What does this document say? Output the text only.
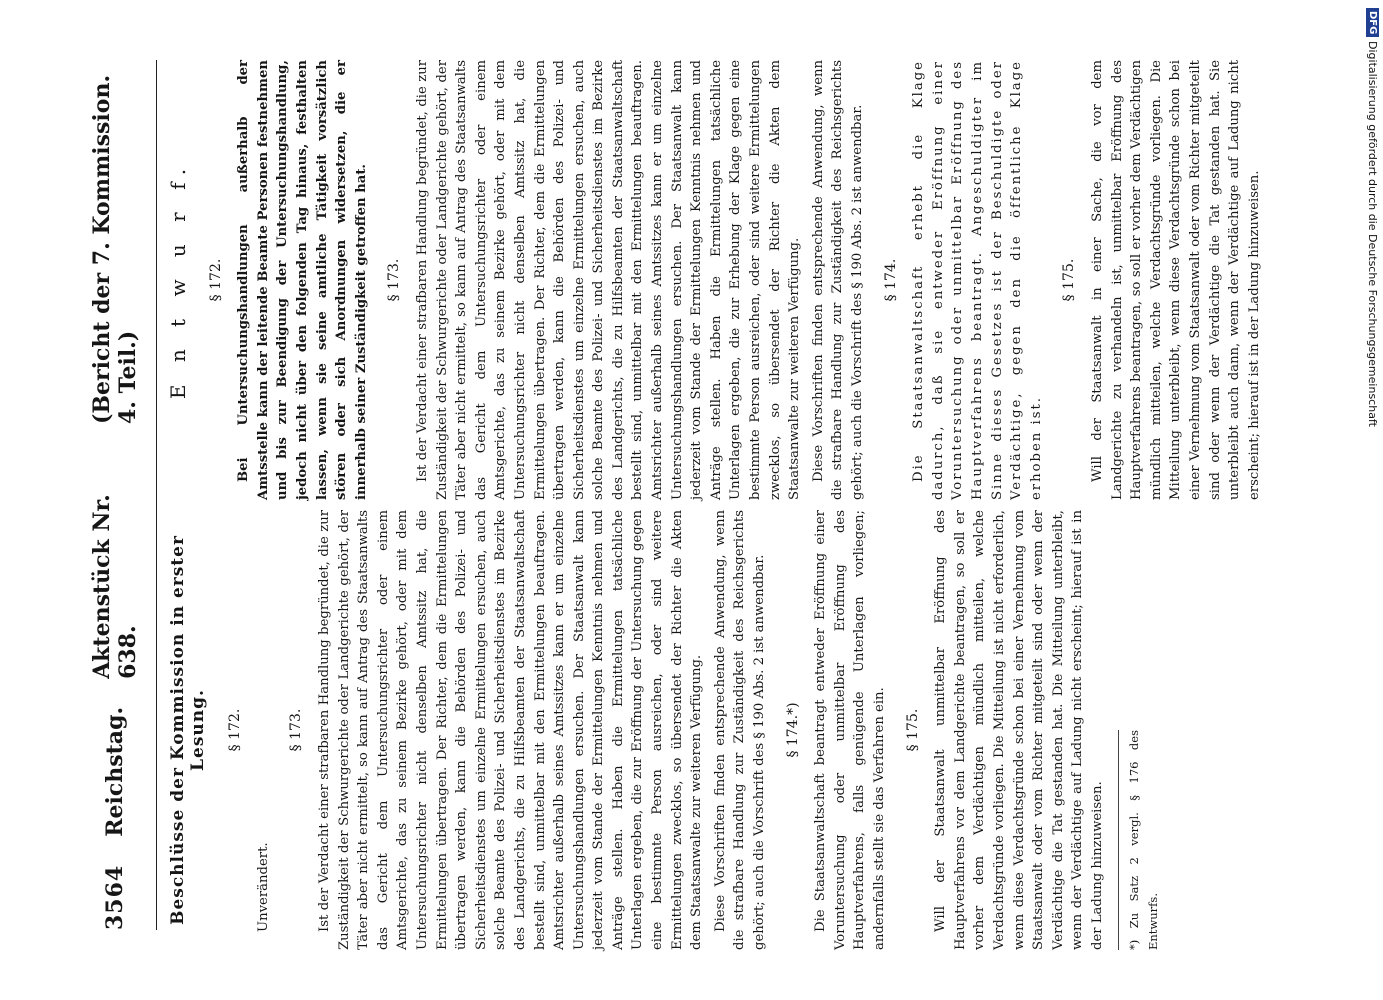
3564
Reichstag.
Aktenstück Nr. 638.
(Bericht der 7. Kommission. 4. Teil.) E n t w u r f. § 172. Bei Untersuchungshandlungen außerhalb der Amtsstelle kann der leitende Beamte Personen festnehmen und bis zur Beendigung der Untersuchungshandlung, jedoch nicht über den folgenden Tag hinaus, festhalten lassen, wenn sie seine amtliche Tätigkeit vorsätzlich stören oder sich Anordnungen widersetzen, die er innerhalb seiner Zuständigkeit getroffen hat. § 173. Ist der Verdacht einer strafbaren Handlung begründet, die zur Zuständigkeit der Schwurgerichte oder Landgerichte gehört, der Täter aber nicht ermittelt, so kann auf Antrag des Staatsanwalts das Gericht dem Untersuchungsrichter oder einem Amtsgerichte, das zu seinem Bezirke gehört, oder mit dem Untersuchungsrichter nicht denselben Amtssitz hat, die Ermittelungen übertragen. Der Richter, dem die Ermittelungen übertragen werden, kann die Behörden des Polizei- und Sicherheitsdienstes um einzelne Ermittelungen ersuchen, auch solche Beamte des Polizei- und Sicherheitsdienstes im Bezirke des Landgerichts, die zu Hilfsbeamten der Staatsanwaltschaft bestellt sind, unmittelbar mit den Ermittelungen beauftragen. Amtsrichter außerhalb seines Amtssitzes kann er um einzelne Untersuchungshandlungen ersuchen. Der Staatsanwalt kann jederzeit vom Stande der Ermittelungen Kenntnis nehmen und Anträge stellen. Haben die Ermittelungen tatsächliche Unterlagen ergeben, die zur Erhebung der Klage gegen eine bestimmte Person ausreichen, oder sind weitere Ermittelungen zwecklos, so übersendet der Richter die Akten dem Staatsanwalte zur weiteren Verfügung. Diese Vorschriften finden entsprechende Anwendung, wenn die strafbare Handlung zur Zuständigkeit des Reichsgerichts gehört; auch die Vorschrift des § 190 Abs. 2 ist anwendbar. § 174. Die Staatsanwaltschaft erhebt die Klage dadurch, daß sie entweder Eröffnung einer Voruntersuchung oder unmittelbar Eröffnung des Hauptverfahrens beantragt. Angeschuldigter im Sinne dieses Gesetzes ist der Beschuldigte oder Verdächtige, gegen den die öffentliche Klage erhoben ist.

§ 175. Will der Staatsanwalt in einer Sache, die vor dem Landgerichte zu verhandeln ist, unmittelbar Eröffnung des Hauptverfahrens beantragen, so soll er vorher dem Verdächtigen mündlich mitteilen, welche Verdachtsgründe vorliegen. Die Mitteilung unterbleibt, wenn diese Verdachtsgründe schon bei einer Vernehmung vom Staatsanwalt oder vom Richter mitgeteilt sind oder wenn der Verdächtige die Tat gestanden hat. Sie unterbleibt auch dann, wenn der Verdächtige auf Ladung nicht erscheint; hierauf ist in der Ladung hinzuweisen.

Beschlüsse der Kommission in erster Lesung. § 172.

Unverändert.

§ 173. Ist der Verdacht einer strafbaren Handlung begründet, die zur Zuständigkeit der Schwurgerichte oder Landgerichte gehört, der Täter aber nicht ermittelt, so kann auf Antrag des Staatsanwalts das Gericht dem Untersuchungsrichter oder einem Amtsgerichte, das zu seinem Bezirke gehört, oder mit dem Untersuchungsrichter nicht denselben Amtssitz hat, die Ermittelungen übertragen. Der Richter, dem die Ermittelungen übertragen werden, kann die Behörden des Polizei- und Sicherheitsdienstes um einzelne Ermittelungen ersuchen, auch solche Beamte des Polizei- und Sicherheitsdienstes im Bezirke des Landgerichts, die zu Hilfsbeamten der Staatsanwaltschaft bestellt sind, unmittelbar mit den Ermittelungen beauftragen. Amtsrichter außerhalb seines Amtssitzes kann er um einzelne Untersuchungshandlungen ersuchen. Der Staatsanwalt kann jederzeit vom Stande der Ermittelungen Kenntnis nehmen und Anträge stellen. Haben die Ermittelungen tatsächliche Unterlagen ergeben, die zur Eröffnung der Untersuchung gegen eine bestimmte Person ausreichen, oder sind weitere Ermittelungen zwecklos, so übersendet der Richter die Akten dem Staatsanwalte zur weiteren Verfügung. Diese Vorschriften finden entsprechende Anwendung, wenn die strafbare Handlung zur Zuständigkeit des Reichsgerichts gehört; auch die Vorschrift des § 190 Abs. 2 ist anwendbar. § 174.*) Die Staatsanwaltschaft beantragt entweder Eröffnung einer Voruntersuchung oder unmittelbar Eröffnung des Hauptverfahrens, falls genügende Unterlagen vorliegen; andernfalls stellt sie das Verfahren ein. § 175. Will der Staatsanwalt unmittelbar Eröffnung des Hauptverfahrens vor dem Landgerichte beantragen, so soll er vorher dem Verdächtigen mündlich mitteilen, welche Verdachtsgründe vorliegen. Die Mitteilung ist nicht erforderlich, wenn diese Verdachtsgründe schon bei einer Vernehmung vom Staatsanwalt oder vom Richter mitgeteilt sind oder wenn der Verdächtige die Tat gestanden hat. Die Mitteilung unterbleibt, wenn der Verdächtige auf Ladung nicht erscheint; hierauf ist in der Ladung hinzuweisen.	*) Zu Satz 2 vergl. § 176 des Entwurfs.
DFG
Digitalisierung gefördert durch die Deutsche Forschungsgemeinschaft
